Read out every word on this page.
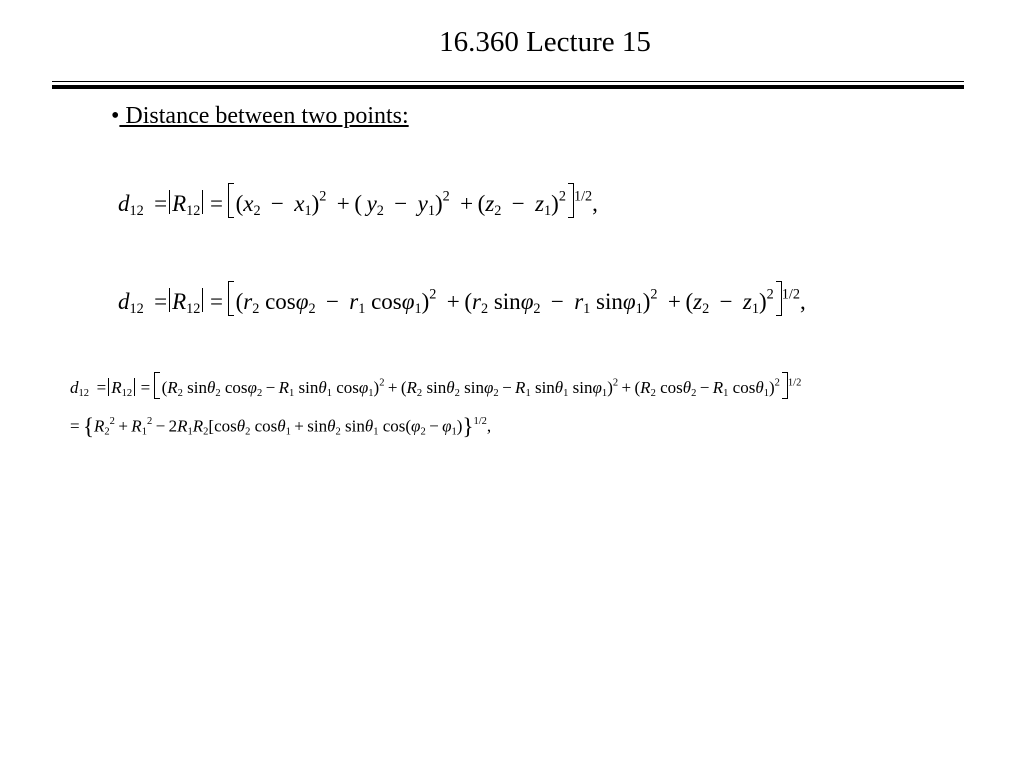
16.360 Lecture 15
• Distance between two points:
$d_{12} = R_{12} = (x_2 - x_1)^2$ + ( $y_2 - y_1)^2 + (z_2 - z_1)^2$ $^{1/2}$,
$d_{12} = R_{12} = (r_2$ $\cos\varphi_2 - r_1$ $\cos\varphi_1)^2 + (r_2$ $\sin\varphi_2 - r_1$ $\sin\varphi_1)^2 + (z_2 - z_1)^2$ $^{1/2}$,
$d_{12} = R_{12} = (R_2$ sinθ$_2$ $\cos\varphi_2 - R_1$ sinθ$_1$ $\cos\varphi_1)^2 + (R_2$ sinθ$_2$ $\sin\varphi_2 - R_1$ sinθ$_1$ $\sin\varphi_1)^2 + (R_2$ $\cos\theta_2 - R_1$ cosθ$_1$)$^2$ $^{1/2}$
= {$R_2^2 + R_1^2 - 2R_1R_2[\cos\theta_2$ cosθ$_1$ + sinθ$_2$ sinθ$_1$ $\cos(\varphi_2 - \varphi_1)\}^{1/2}$,
